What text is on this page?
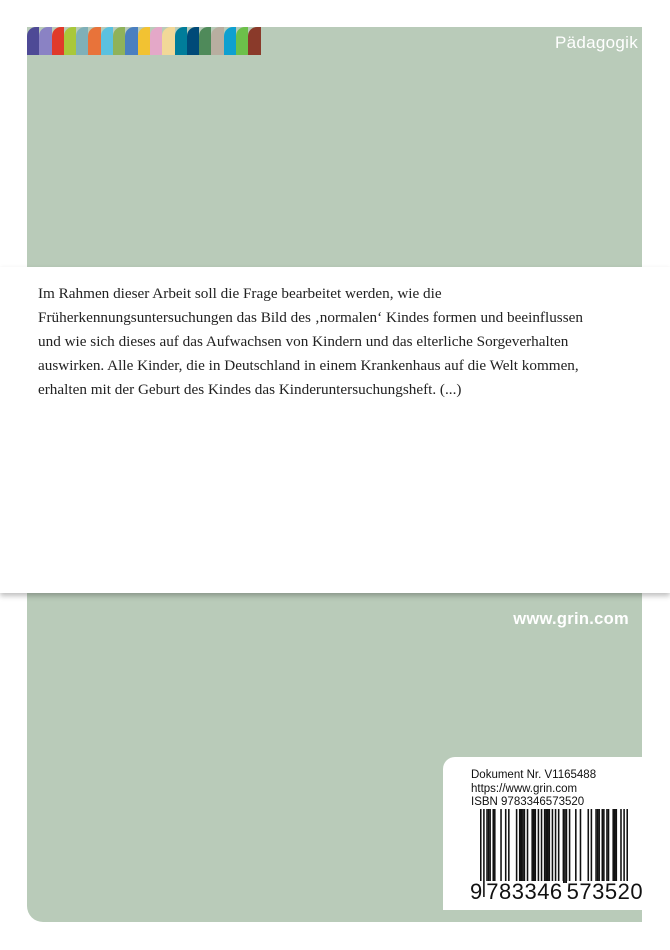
Pädagogik
Im Rahmen dieser Arbeit soll die Frage bearbeitet werden, wie die
Früherkennungsuntersuchungen das Bild des ‚normalen‘ Kindes formen und beeinflussen
und wie sich dieses auf das Aufwachsen von Kindern und das elterliche Sorgeverhalten
auswirken. Alle Kinder, die in Deutschland in einem Krankenhaus auf die Welt kommen,
erhalten mit der Geburt des Kindes das Kinderuntersuchungsheft. (...)
www.grin.com
Dokument Nr. V1165488
https://www.grin.com
ISBN 9783346573520
9 783346 573520
